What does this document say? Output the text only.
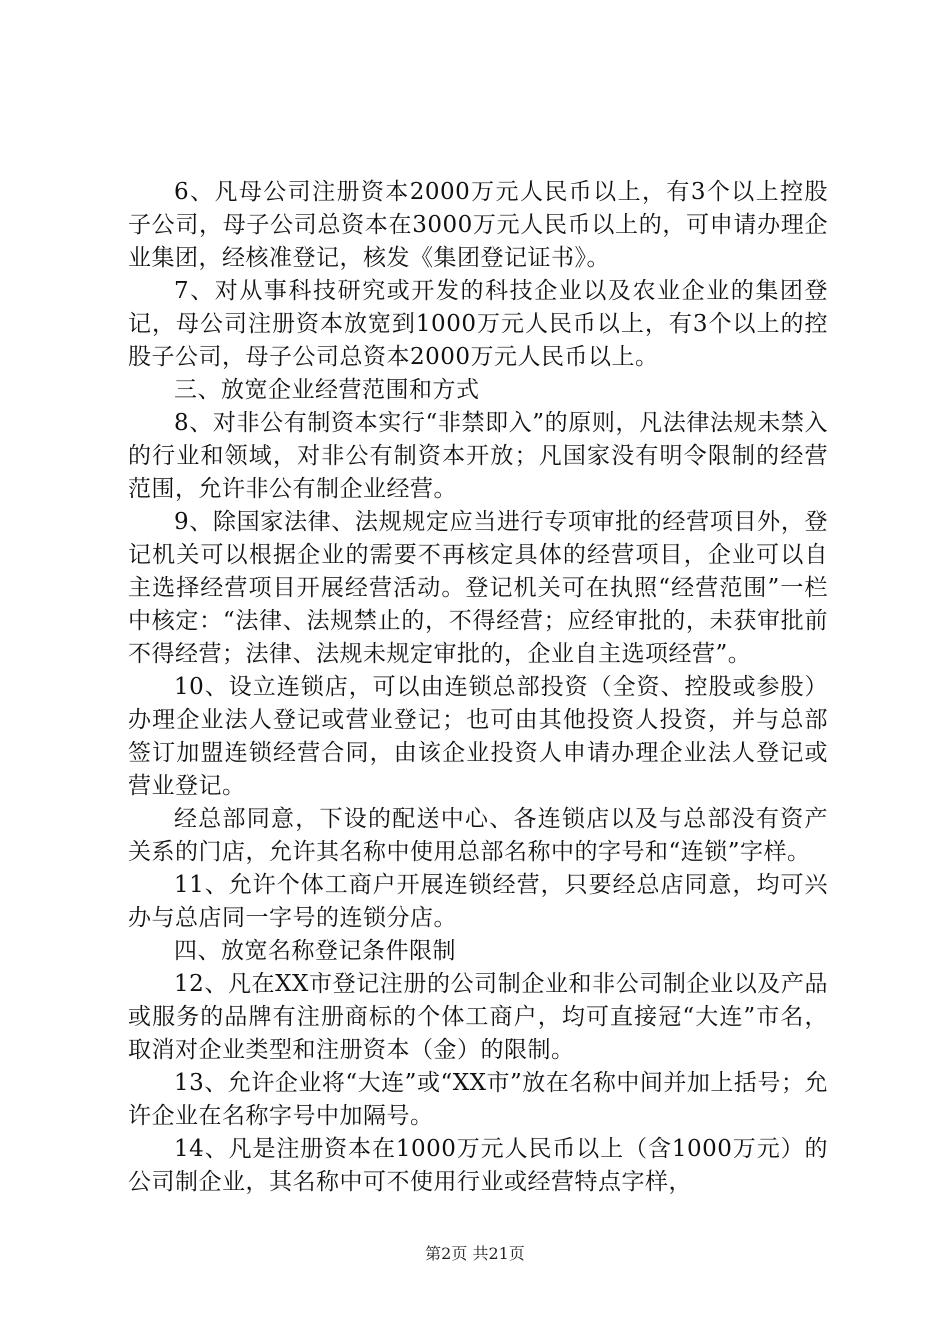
6、凡母公司注册资本2000万元人民币以上，有3个以上控股子公司，母子公司总资本在3000万元人民币以上的，可申请办理企业集团，经核准登记，核发《集团登记证书》。

7、对从事科技研究或开发的科技企业以及农业企业的集团登记，母公司注册资本放宽到1000万元人民币以上，有3个以上的控股子公司，母子公司总资本2000万元人民币以上。

三、放宽企业经营范围和方式

8、对非公有制资本实行“非禁即入”的原则，凡法律法规未禁入的行业和领域，对非公有制资本开放；凡国家没有明令限制的经营范围，允许非公有制企业经营。

9、除国家法律、法规规定应当进行专项审批的经营项目外，登记机关可以根据企业的需要不再核定具体的经营项目，企业可以自主选择经营项目开展经营活动。登记机关可在执照“经营范围”一栏中核定：“法律、法规禁止的，不得经营；应经审批的，未获审批前不得经营；法律、法规未规定审批的，企业自主选项经营”。

10、设立连锁店，可以由连锁总部投资（全资、控股或参股）办理企业法人登记或营业登记；也可由其他投资人投资，并与总部签订加盟连锁经营合同，由该企业投资人申请办理企业法人登记或营业登记。

经总部同意，下设的配送中心、各连锁店以及与总部没有资产关系的门店，允许其名称中使用总部名称中的字号和“连锁”字样。

11、允许个体工商户开展连锁经营，只要经总店同意，均可兴办与总店同一字号的连锁分店。

四、放宽名称登记条件限制

12、凡在XX市登记注册的公司制企业和非公司制企业以及产品或服务的品牌有注册商标的个体工商户，均可直接冠“大连”市名，取消对企业类型和注册资本（金）的限制。

13、允许企业将“大连”或“XX市”放在名称中间并加上括号；允许企业在名称字号中加隔号。

14、凡是注册资本在1000万元人民币以上（含1000万元）的公司制企业，其名称中可不使用行业或经营特点字样，

第2页 共21页
